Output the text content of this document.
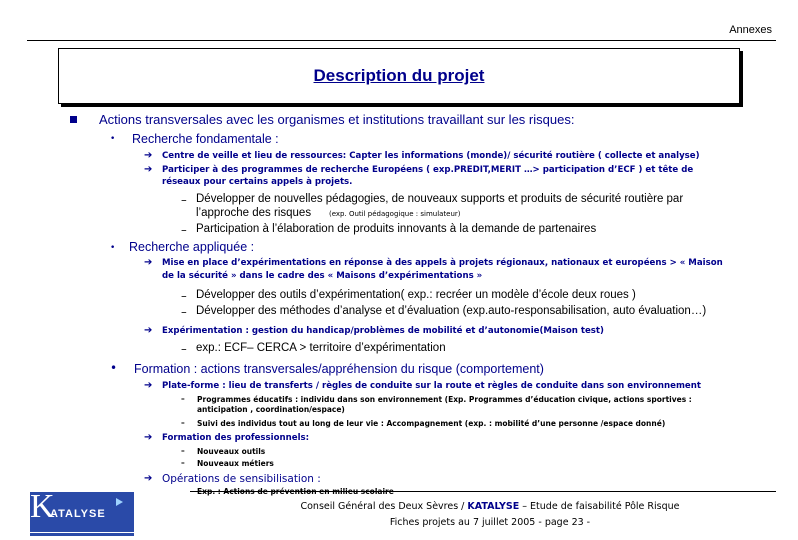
Annexes
Description du projet
Actions transversales avec les organismes et institutions travaillant sur les risques:
• Recherche fondamentale :
➔ Centre de veille et lieu de ressources: Capter les informations (monde)/ sécurité routière ( collecte et analyse)
➔ Participer à des programmes de recherche Européens ( exp.PREDIT,MERIT …> participation d’ECF ) et tête de
réseaux pour certains appels à projets.
– Développer de nouvelles pédagogies, de nouveaux supports et produits de sécurité routière par
l’approche des risques	(exp. Outil pédagogique : simulateur)
– Participation à l’élaboration de produits innovants à la demande de partenaires
• Recherche appliquée :
➔ Mise en place d’expérimentations en réponse à des appels à projets régionaux, nationaux et européens > « Maison
de la sécurité » dans le cadre des « Maisons d’expérimentations »
– Développer des outils d’expérimentation( exp.: recréer un modèle d’école deux roues )
– Développer des méthodes d’analyse et d’évaluation (exp.auto-responsabilisation, auto évaluation…)
➔ Expérimentation : gestion du handicap/problèmes de mobilité et d’autonomie(Maison test)
– exp.: ECF– CERCA > territoire d’expérimentation
• Formation : actions transversales/appréhension du risque (comportement)
➔ Plate-forme : lieu de transferts / règles de conduite sur la route et règles de conduite dans son environnement
– Programmes éducatifs : individu dans son environnement (Exp. Programmes d’éducation civique, actions sportives :
anticipation , coordination/espace)
– Suivi des individus tout au long de leur vie : Accompagnement (exp. : mobilité d’une personne /espace donné)
➔ Formation des professionnels:
– Nouveaux outils
– Nouveaux métiers
➔ Opérations de sensibilisation :
Exp. : Actions de prévention en milieu scolaire
K
ATALYSE
Conseil Général des Deux Sèvres / KATALYSE – Etude de faisabilité Pôle Risque
Fiches projets au 7 juillet 2005 - page 23 -
